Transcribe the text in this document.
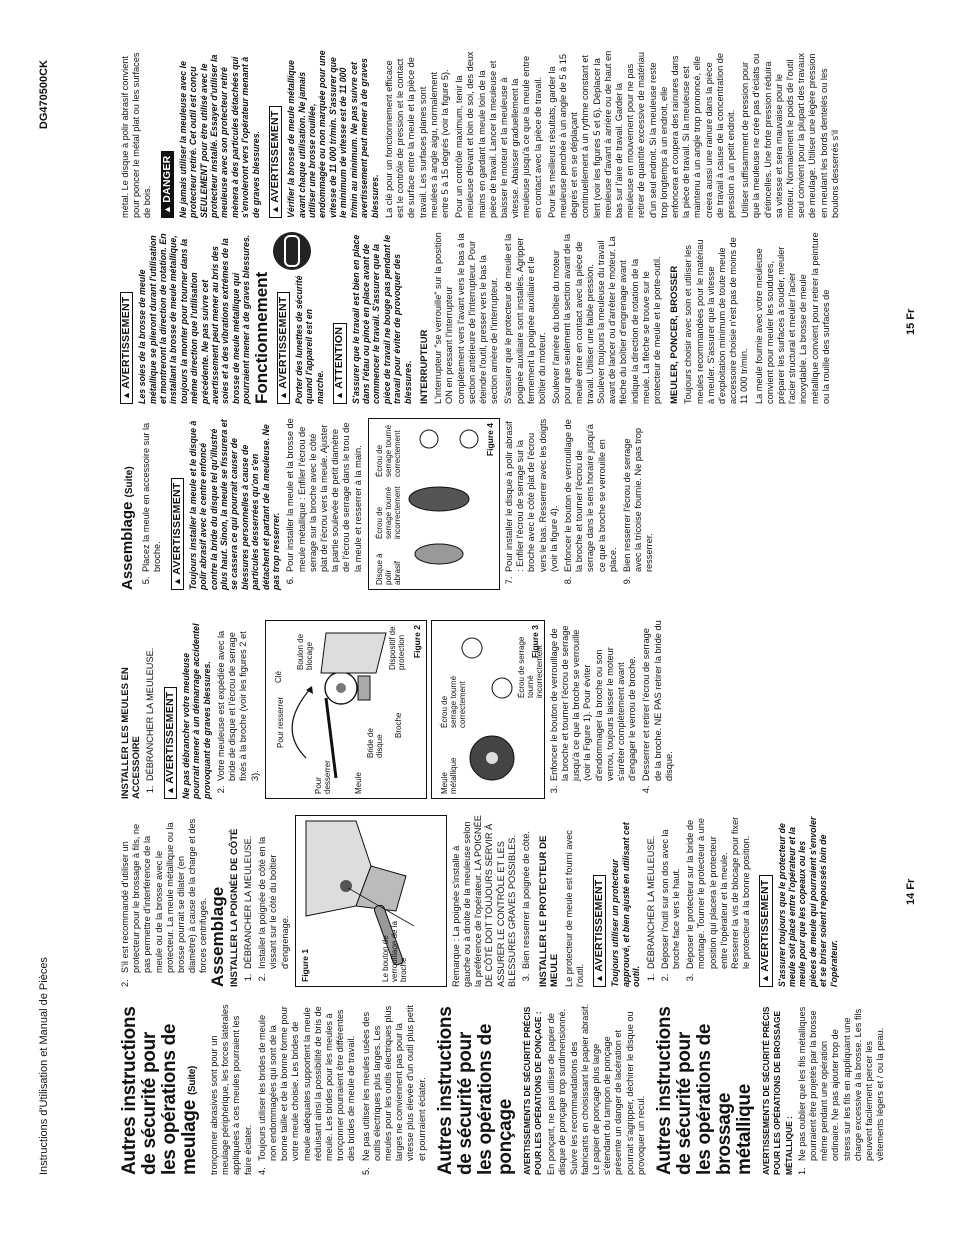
Instructions d'Utilisation et Manual de Pièces
DG470500CK
14 Fr
15 Fr
Autres instructions de sécurité pour les opérations de meulage (Suite)	tronçonner abrasives sont pour un meulage périphérique, les forces latérales appliquées à ces meules pourraient les faire éclater. 4.
Toujours utiliser les brides de meule non endommagées qui sont de la bonne taille et de la bonne forme pour votre meule choisie. Les brides de meule adéquates supportent la meule réduisant ainsi la possibilité de bris de meule. Les brides pour les meules à tronçonner pourraient être différentes des brides de meule de travail.
5.
Ne pas utiliser les meules usées des outils électriques plus larges. Les meules pour les outils électriques plus larges ne conviennent pas pour la vitesse plus élevée d'un outil plus petit et pourraient éclater. Autres instructions de sécurité pour les opérations de ponçage AVERTISSEMENTS DE SÉCURITÉ PRÉCIS POUR LES OPÉRATIONS DE PONÇAGE : En ponçant, ne pas utiliser de papier de disque de ponçage trop surdimensionné. Suivre les recommandations des fabricants en choisissant le papier abrasif. Le papier de ponçage plus large s'étendant du tampon de ponçage présente un danger de lacération et pourrait s'agripper, déchirer le disque ou provoquer un recul. Autres instructions de sécurité pour les opérations de brossage métallique AVERTISSEMENTS DE SÉCURITÉ PRÉCIS POUR LES OPÉRATIONS DE BROSSAGE MÉTALLIQUE : 1.
Ne pas oublier que les fils métalliques pourraient être projetés par la brosse même pendant une opération ordinaire. Ne pas ajouter trop de stress sur les fils en appliquant une charge excessive à la brosse. Les fils peuvent facilement percer les vêtements légers et / ou la peau.
2.
S'il est recommandé d'utiliser un protecteur pour le brossage à fils, ne pas permettre d'interférence de la meule ou de la brosse avec le protecteur. La meule métallique ou la brosse pourrait se dilater (en diamètre) à cause de la charge et des forces centrifuges. Assemblage INSTALLER LA POIGNÉE DE CÔTÉ 1. DÉBRANCHER LA MEULEUSE. 2. Installer la poignée de côté en la vissant sur le côté du boîtier d'engrenage.	Le bouton de verrouillage de la broche
Figure 1	Remarque : La poignée s'installe à gauche ou à droite de la meuleuse selon la préférence de l'opérateur. LA POIGNÉE DE CÔTÉ DOIT TOUJOURS SERVIR À ASSURER LE CONTRÔLE ET LES BLESSURES GRAVES POSSIBLES. 3. Bien resserrer la poignée de côté. INSTALLER LE PROTECTEUR DE MEULE Le protecteur de meule est fourni avec l'outil. ▲AVERTISSEMENT Toujours utiliser un protecteur approuvé, et bien ajusté en utilisant cet outil.
1. DÉBRANCHER LA MEULEUSE. 2. Déposer l'outil sur son dos avec la broche face vers le haut. 3. Déposer le protecteur sur la bride de montage. Tourner le protecteur à une position qui placera le protecteur entre l'opérateur et la meule. Resserrer la vis de blocage pour fixer le protecteur à la bonne position.
▲AVERTISSEMENT S'assurer toujours que le protecteur de meule soit placé entre l'opérateur et la meule pour que les copeaux ou les pièces de meule qui pourraient s'envoler et se briser soient repoussés loin de l'opérateur.
INSTALLER LES MEULES EN ACCESSOIRE 1. DÉBRANCHER LA MEULEUSE.
▲AVERTISSEMENT Ne pas débrancher votre meuleuse pourrait mener à un démarrage accidentel provoquant de graves blessures. 2. Votre meuleuse est expédiée avec la bride de disque et l'écrou de serrage fixés à la broche (voir les figures 2 et 3).
Pour resserrer
Pour desserrer
Clé
Boulon de blocage
Meule
Bride de disque
Broche
Dispositif de protection Figure 2
Meule métallique
Écrou de serrage tourné correctement
Écrou de serrage tourné incorrectement
Figure 3 3. Enfoncer le bouton de verrouillage de la broche et tourner l'écrou de serrage jusqu'à ce que la broche se verrouille (voir la Figure 1). Pour éviter d'endommager la broche ou son verrou, toujours laisser le moteur s'arrêter complètement avant d'engager le verrou de broche. 4. Desserrer et retirer l'écrou de serrage de la broche. NE PAS retirer la bride du disque.
Assemblage (Suite) 5. Placez la meule en accessoire sur la broche.
▲AVERTISSEMENT Toujours installer la meule et le disque à polir abrasif avec le centre enfoncé contre la bride du disque tel qu'illustré plus haut. Sinon, la meule se fissurera et se cassera ce qui pourrait causer de blessures personnelles à cause de particules desserrées qu'on s'en détachent et partant de la meuleuse. Ne pas trop resserrer. 6. Pour installer la meule et la brosse de meule métallique : Enfiler l'écrou de serrage sur la broche avec le côté plat de l'écrou vers la meule. Ajuster la partie soulevée de petit diamètre de l'écrou de serrage dans le trou de la meule et resserrer à la main. Disque à polir abrasif
Écrou de serrage tourné incorrectement
Écrou de serrage tourné correctement	Figure 4 7. Pour installer le disque à polir abrasif : Enfiler l'écrou de serrage sur la broche avec le côté plat de l'écrou vers le bas. Resserrer avec les doigts (voir la figure 4). 8. Enfoncer le bouton de verrouillage de la broche et tourner l'écrou de serrage dans le sens horaire jusqu'à ce que la broche se verrouille en place. 9. Bien resserrer l'écrou de serrage avec la tricoise fournie. Ne pas trop resserrer.
▲AVERTISSEMENT Les soies de la brosse de meule métallique se plieront durant l'utilisation et montreront la direction de rotation. En installant la brosse de meule métallique, toujours la monter pour tourner dans la même direction que l'utilisation précédente. Ne pas suivre cet avertissement peut mener au bris des soies et à des vibrations extrêmes de la brosse de meule métallique qui pourraient mener à de graves blessures. Fonctionnement ▲AVERTISSEMENT Porter des lunettes de sécurité quand l'appareil est en marche. ▲ATTENTION S'assurer que le travail est bien en place dans l'étau ou pincé en place avant de commencer le travail. S'assurer que la pièce de travail ne bouge pas pendant le travail pour éviter de provoquer des blessures. INTERRUPTEUR L'interrupteur "se verrouille" sur la position ON en pressant l'interrupteur complètement vers l'avant vers le bas à la section antérieure de l'interrupteur. Pour éteindre l'outil, presser vers le bas la section arrière de l'interrupteur. S'assurer que le protecteur de meule et la poignée auxiliaire sont installés. Agripper fermement la poignée auxiliaire et le boîtier du moteur. Soulever l'arrière du boîtier du moteur pour que seulement la section avant de la meule entre en contact avec la pièce de travail. Utiliser une faible pression. Soulever toujours la meuleuse du travail avant de lancer ou d'arrêter le moteur. La flèche du boîtier d'engrenage avant indique la direction de rotation de la meule. La flèche se trouve sur le protecteur de meule et le porte-outil. MEULER, PONCER, BROSSER Toujours choisir avec soin et utiliser les meules recommandées pour le matériau à meuler. S'assurer que la vitesse d'exploitation minimum de toute meule accessoire choisie n'est pas de moins de 11 000 tr/min. La meule fournie avec votre meuleuse convient pour meuler les soudures, préparer les surfaces à souder, meuler l'acier structural et meuler l'acier inoxydable. La brosse de meule métallique convient pour retirer la peinture ou la rouille des surfaces de

métal. Le disque à polir abrasif convient pour poncer le métal plat ou les surfaces de bois. ▲DANGER Ne jamais utiliser la meuleuse avec le protecteur retiré. Cet outil est conçu SEULEMENT pour être utilisé avec le protecteur installé. Essayer d'utiliser la meuleuse avec son protecteur retiré mènera à des particules détachées qui s'envoleront vers l'opérateur menant à de graves blessures. ▲AVERTISSEMENT Vérifier la brosse de meule métallique avant chaque utilisation. Ne jamais utiliser une brosse rouillée, endommagée ou non marquée pour une vitesse de 11 000 tr/min. S'assurer que le minimum de vitesse est de 11 000 tr/min au minimum. Ne pas suivre cet avertissement peut mener à de graves blessures. La clé pour un fonctionnement efficace est le contrôle de pression et le contact de surface entre la meule et la pièce de travail. Les surfaces planes sont meulées à angle aigu, normalement entre 5 à 15 degrés (voir la figure 5). Pour un contrôle maximum, tenir la meuleuse devant et loin de soi, des deux mains en gardant la meule loin de la pièce de travail. Lancer la meuleuse et baisser le moteur et la meuleuse à vitesse. Abaisser graduellement la meuleuse jusqu'à ce que la meule entre en contact avec la pièce de travail. Pour les meilleurs résultats, garder la meuleuse penchée à un angle de 5 à 15 degrés et en se déplaçant continuellement à un rythme constant et lent (voir les figures 5 et 6). Déplacer la meuleuse d'avant à arrière ou de haut en bas sur l'aire de travail. Garder la meuleuse en mouvement pour ne pas retirer de quantité excessive de matériau d'un seul endroit. Si la meuleuse reste trop longtemps à un endroit, elle enfoncera et coupera des rainures dans la pièce de travail. Si la meuleuse est maintenu à un angle trop prononcé, elle creera aussi une rainure dans la pièce de travail à cause de la concentration de pression à un petit endroit. Utiliser suffisamment de pression pour que la meuleuse ne crée pas d'éclats ou d'étincelles. Une forte pression réduira sa vitesse et sera mauvaise pour le moteur. Normalement le poids de l'outil seul convient pour la plupart des travaux de meulage. Utiliser une légère pression en meulant les bords dentelés ou les boulons desserrés s'il
